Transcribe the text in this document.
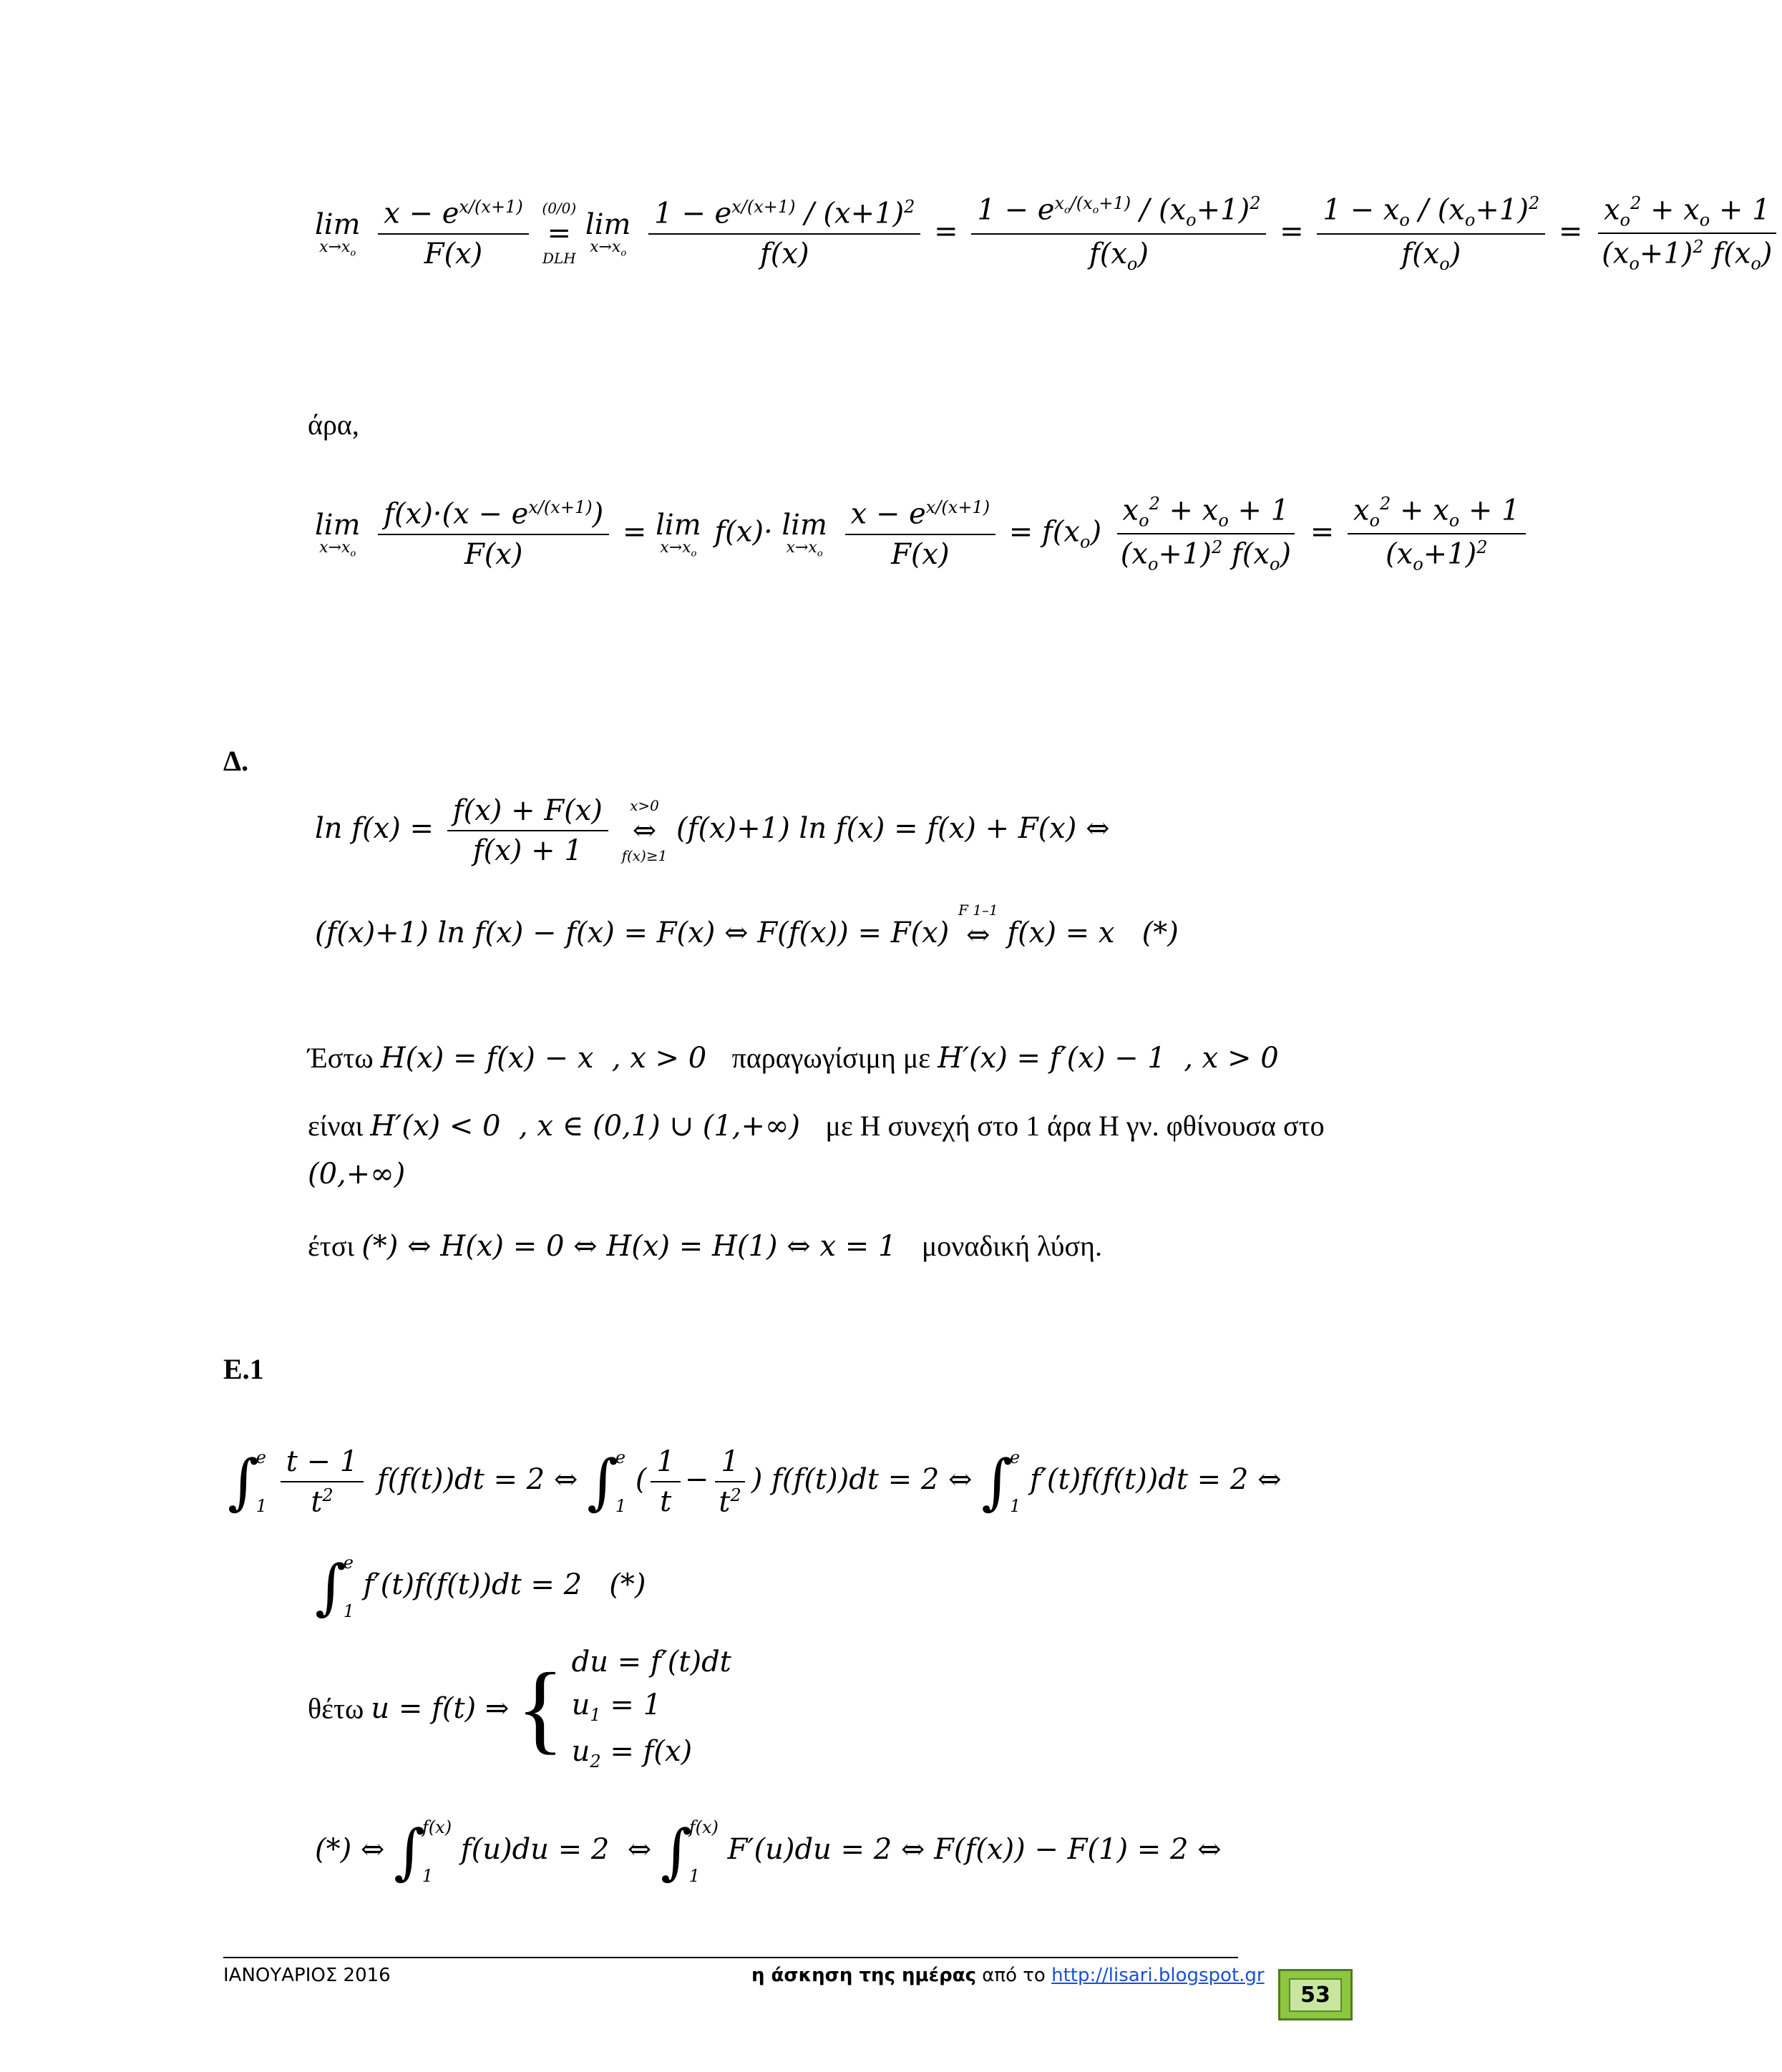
lim
$x\to x_o$
$\frac{x - e^{x/(x+1)}}{F(x)}$
(0/0)
=
DLH

lim
$x\to x_o$
$\frac{1 - e^{x/(x+1)} / (x+1)^2}{f(x)} = \frac{1 - e^{x_o/(x_o+1)} / (x_o+1)^2}{f(x_o)} = \frac{1 - x_o / (x_o+1)^2}{f(x_o)} = \frac{x_o^2 + x_o + 1}{(x_o+1)^2 f(x_o)}$
άρα,
lim
$x\to x_o$
$\frac{f(x)\cdot(x - e^{x/(x+1)})}{F(x)} = \lim$
$x\to x_o$
f(x)· lim
$x\to x_o$
$\frac{x - e^{x/(x+1)}}{F(x)} = f(x_o) \frac{x_o^2 + x_o + 1}{(x_o+1)^2 f(x_o)} = \frac{x_o^2 + x_o + 1}{(x_o+1)^2}$
Δ.
$\ln f(x) = \frac{f(x) + F(x)}{f(x) + 1}$
x>0
⇔
f(x)≥1
(f(x)+1) ln f(x) = f(x) + F(x) ⇔
(f(x)+1) ln f(x) − f(x) = F(x) ⇔ F(f(x)) = F(x)
F 1–1
⇔
f(x) = x   (*)
Έστω H(x) = f(x) − x  , x > 0   παραγωγίσιμη με H′(x) = f′(x) − 1  , x > 0
είναι H′(x) < 0  , x ∈ (0,1) ∪ (1,+∞)   με Η συνεχή στο 1 άρα Η γν. φθίνουσα στο
(0,+∞)
έτσι (*) ⇔ H(x) = 0 ⇔ H(x) = H(1) ⇔ x = 1   μοναδική λύση.
Ε.1
∫
e
1
$\frac{t - 1}{t^2} f(f(t))dt = 2$ ⇔ ∫
e
1
( $\frac{1}{t} - \frac{1}{t^2}$ ) f(f(t))dt = 2 ⇔ ∫
e
1
f′(t)f(f(t))dt = 2 ⇔
∫
e
1
f′(t)f(f(t))dt = 2   (*)
θέτω u = f(t) ⇒ { du = f′(t)dt
$u_1 = 1$
$u_2 = f(x)$
(*) ⇔ ∫
f(x)
1
f(u)du = 2  ⇔ ∫
f(x)
1
F′(u)du = 2 ⇔ F(f(x)) − F(1) = 2 ⇔
ΙΑΝΟΥΑΡΙΟΣ 2016	η άσκηση της ημέρας από το http://lisari.blogspot.gr
53
